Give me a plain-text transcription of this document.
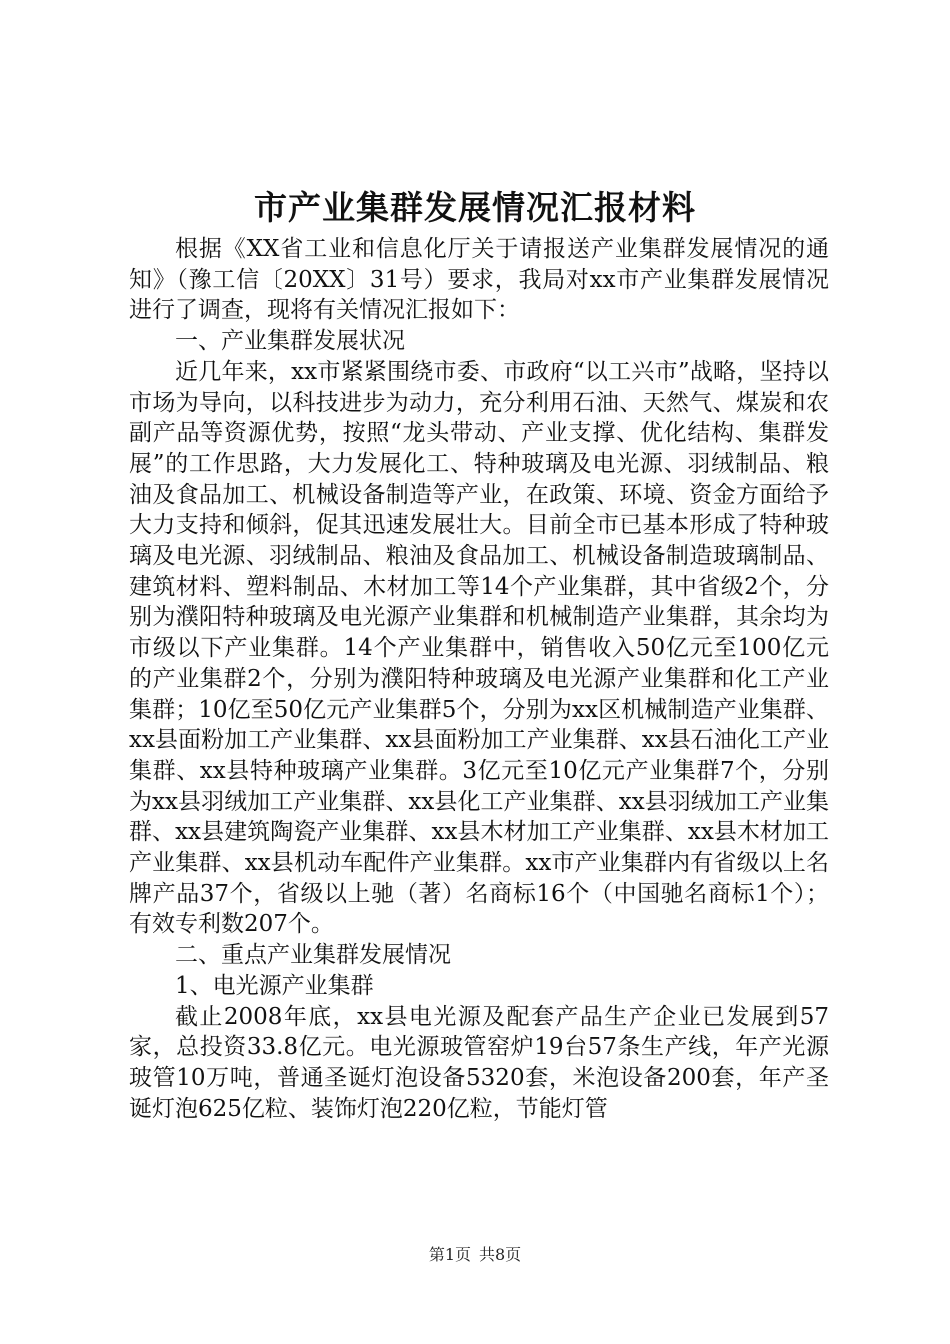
市产业集群发展情况汇报材料

根据《XX省工业和信息化厅关于请报送产业集群发展情况的通知》（豫工信〔20XX〕31号）要求，我局对xx市产业集群发展情况进行了调查，现将有关情况汇报如下：

一、产业集群发展状况

近几年来，xx市紧紧围绕市委、市政府“以工兴市”战略，坚持以市场为导向，以科技进步为动力，充分利用石油、天然气、煤炭和农副产品等资源优势，按照“龙头带动、产业支撑、优化结构、集群发展”的工作思路，大力发展化工、特种玻璃及电光源、羽绒制品、粮油及食品加工、机械设备制造等产业，在政策、环境、资金方面给予大力支持和倾斜，促其迅速发展壮大。目前全市已基本形成了特种玻璃及电光源、羽绒制品、粮油及食品加工、机械设备制造玻璃制品、建筑材料、塑料制品、木材加工等14个产业集群，其中省级2个，分别为濮阳特种玻璃及电光源产业集群和机械制造产业集群，其余均为市级以下产业集群。14个产业集群中，销售收入50亿元至100亿元的产业集群2个，分别为濮阳特种玻璃及电光源产业集群和化工产业集群；10亿至50亿元产业集群5个，分别为xx区机械制造产业集群、xx县面粉加工产业集群、xx县面粉加工产业集群、xx县石油化工产业集群、xx县特种玻璃产业集群。3亿元至10亿元产业集群7个，分别为xx县羽绒加工产业集群、xx县化工产业集群、xx县羽绒加工产业集群、xx县建筑陶瓷产业集群、xx县木材加工产业集群、xx县木材加工产业集群、xx县机动车配件产业集群。xx市产业集群内有省级以上名牌产品37个，省级以上驰（著）名商标16个（中国驰名商标1个）；有效专利数207个。

二、重点产业集群发展情况

1、电光源产业集群

截止2008年底，xx县电光源及配套产品生产企业已发展到57家，总投资33.8亿元。电光源玻管窑炉19台57条生产线，年产光源玻管10万吨，普通圣诞灯泡设备5320套，米泡设备200套，年产圣诞灯泡625亿粒、装饰灯泡220亿粒，节能灯管

第1页 共8页
